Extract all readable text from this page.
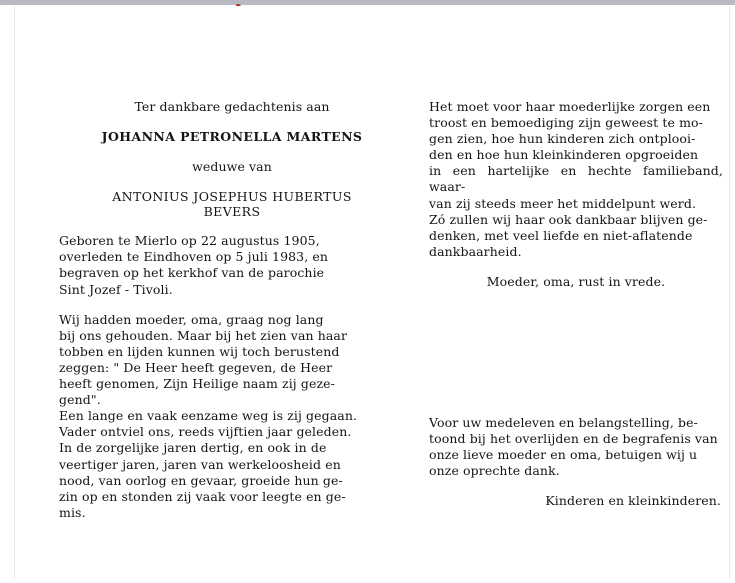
Ter dankbare gedachtenis aan
JOHANNA PETRONELLA MARTENS
weduwe van
ANTONIUS JOSEPHUS HUBERTUS
BEVERS
Geboren te Mierlo op 22 augustus 1905,
overleden te Eindhoven op 5 juli 1983, en
begraven op het kerkhof van de parochie
Sint Jozef - Tivoli.
Wij hadden moeder, oma, graag nog lang
bij ons gehouden. Maar bij het zien van haar
tobben en lijden kunnen wij toch berustend
zeggen: " De Heer heeft gegeven, de Heer
heeft genomen, Zijn Heilige naam zij geze-
gend".
Een lange en vaak eenzame weg is zij gegaan.
Vader ontviel ons, reeds vijftien jaar geleden.
In de zorgelijke jaren dertig, en ook in de
veertiger jaren, jaren van werkeloosheid en
nood, van oorlog en gevaar, groeide hun ge-
zin op en stonden zij vaak voor leegte en ge-
mis.
Het moet voor haar moederlijke zorgen een
troost en bemoediging zijn geweest te mo-
gen zien, hoe hun kinderen zich ontplooi-
den en hoe hun kleinkinderen opgroeiden
in een hartelijke en hechte familieband, waar-
van zij steeds meer het middelpunt werd.
Zó zullen wij haar ook dankbaar blijven ge-
denken, met veel liefde en niet-aflatende
dankbaarheid.
Moeder, oma, rust in vrede.
Voor uw medeleven en belangstelling, be-
toond bij het overlijden en de begrafenis van
onze lieve moeder en oma, betuigen wij u
onze oprechte dank.
Kinderen en kleinkinderen.
